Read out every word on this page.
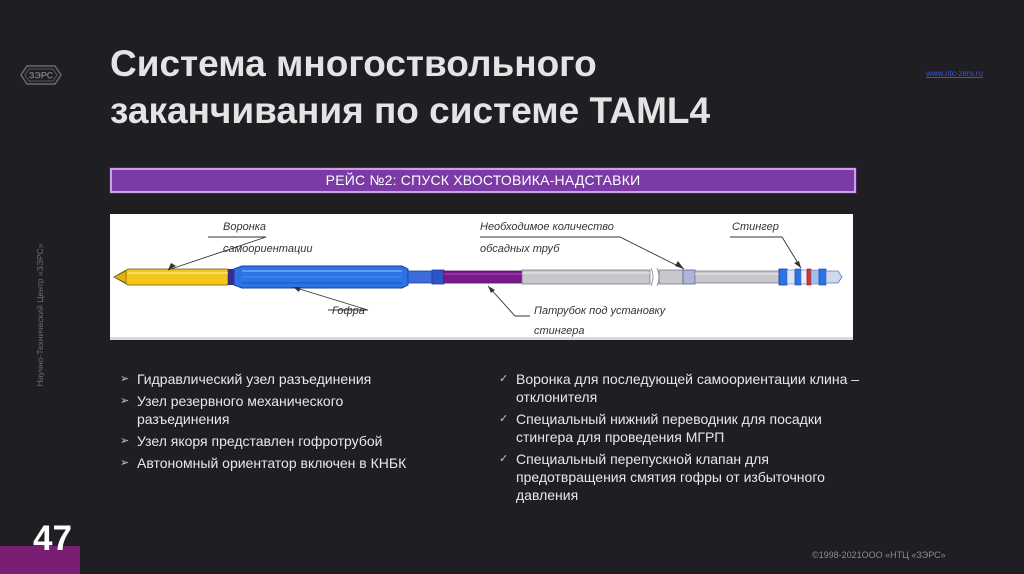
ЗЭРС
Научно-Технический Центр «ЗЭРС»
Система многоствольного
заканчивания по системе TAML4
www.ntc-zers.ru
РЕЙС №2: СПУСК ХВОСТОВИКА-НАДСТАВКИ
Воронка
самоориентации
Необходимое количество
обсадных труб
Стингер
Гофра	Патрубок под установку
стингера
➢ Гидравлический узел разъединения
➢ Узел резервного механического разъединения
➢ Узел якоря представлен гофротрубой
➢ Автономный ориентатор включен в КНБК
✓ Воронка для последующей самоориентации клина – отклонителя
✓ Специальный нижний переводник для посадки стингера для проведения МГРП
✓ Специальный перепускной клапан для предотвращения смятия гофры от избыточного давления
47	©1998-2021ООО «НТЦ «ЗЭРС»
